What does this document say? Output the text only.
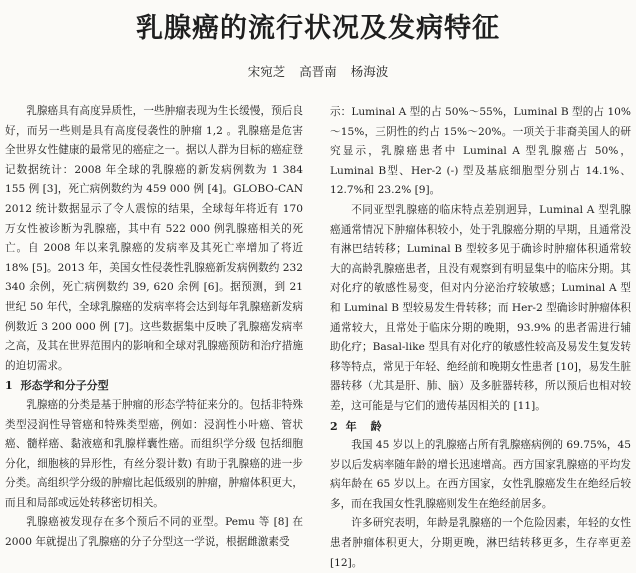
乳腺癌的流行状况及发病特征
宋宛芝 高晋南 杨海波

乳腺癌具有高度异质性，一些肿瘤表现为生长缓慢，预后良好，而另一些则是具有高度侵袭性的肿瘤 1,2 。乳腺癌是危害全世界女性健康的最常见的癌症之一。据以人群为目标的癌症登记数据统计：2008 年全球的乳腺癌的新发病例数为 1 384 155 例 [3]，死亡病例数约为 459 000 例 [4]。GLOBO-CAN 2012 统计数据显示了令人震惊的结果，全球每年将近有 170 万女性被诊断为乳腺癌，其中有 522 000 例乳腺癌相关的死亡。自 2008 年以来乳腺癌的发病率及其死亡率增加了将近 18% [5]。2013 年，美国女性侵袭性乳腺癌新发病例数约 232 340 余例，死亡病例数约 39, 620 余例 [6]。据预测，到 21 世纪 50 年代，全球乳腺癌的发病率将会达到每年乳腺癌新发病例数近 3 200 000 例 [7]。这些数据集中反映了乳腺癌发病率之高，及其在世界范围内的影响和全球对乳腺癌预防和治疗措施的迫切需求。

1 形态学和分子分型

乳腺癌的分类是基于肿瘤的形态学特征来分的。包括非特殊类型浸润性导管癌和特殊类型癌，例如：浸润性小叶癌、管状癌、髓样癌、黏液癌和乳腺样囊性癌。而组织学分级 包括细胞分化，细胞核的异形性，有丝分裂计数) 有助于乳腺癌的进一步分类。高组织学分级的肿瘤比起低级别的肿瘤，肿瘤体积更大，而且和局部或远处转移密切相关。

乳腺癌被发现存在多个预后不同的亚型。Pemu 等 [8] 在 2000 年就提出了乳腺癌的分子分型这一学说，根据雌激素受

示：Luminal A 型的占 50%～55%，Luminal B 型的占 10%～15%，三阴性的约占 15%～20%。一项关于非裔美国人的研究显示，乳腺癌患者中 Luminal A 型乳腺癌占 50%，Luminal B型、Her-2 (-) 型及基底细胞型分别占 14.1%、12.7%和 23.2% [9]。

不同亚型乳腺癌的临床特点差别迥异，Luminal A 型乳腺癌通常情况下肿瘤体积较小，处于乳腺癌分期的早期，且通常没有淋巴结转移；Luminal B 型较多见于确诊时肿瘤体积通常较大的高龄乳腺癌患者，且没有观察到有明显集中的临床分期。其对化疗的敏感性易变，但对内分泌治疗较敏感；Luminal A 型和 Luminal B 型较易发生骨转移；而 Her-2 型确诊时肿瘤体积通常较大，且常处于临床分期的晚期，93.9% 的患者需进行辅助化疗；Basal-like 型具有对化疗的敏感性较高及易发生复发转移等特点，常见于年轻、绝经前和晚期女性患者 [10]，易发生脏器转移（尤其是肝、肺、脑）及多脏器转移，所以预后也相对较差，这可能是与它们的遗传基因相关的 [11]。

2 年龄

我国 45 岁以上的乳腺癌占所有乳腺癌病例的 69.75%，45 岁以后发病率随年龄的增长迅速增高。西方国家乳腺癌的平均发病年龄在 65 岁以上。在西方国家，女性乳腺癌发生在绝经后较多，而在我国女性乳腺癌则发生在绝经前居多。

许多研究表明，年龄是乳腺癌的一个危险因素，年轻的女性患者肿瘤体积更大，分期更晚，淋巴结转移更多，生存率更差 [12]。
